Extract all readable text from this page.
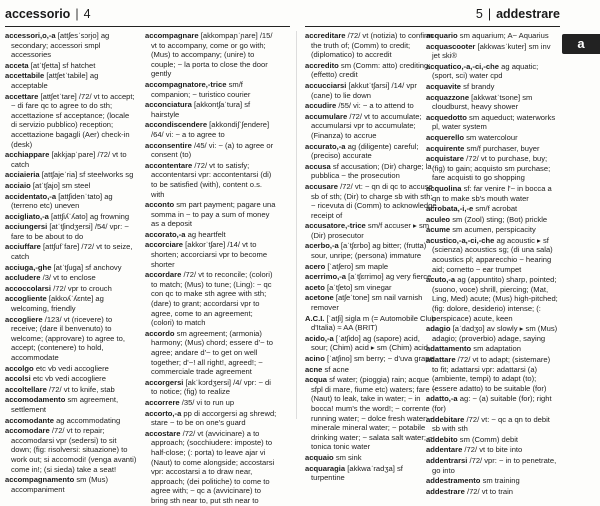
accessorio | 4	5 | addestrare
a

accessori,o,-a [attʃesˈsɔrjo] ag secondary; accessori smpl accessories

acceta [atˈtʃetta] sf hatchet

accettabile [attʃetˈtabile] ag acceptable

accettare [attʃetˈtare] /72/ vt to accept; ~ di fare qc to agree to do sth; accettazione sf acceptance; (locale di servizio pubblico) reception; accettazione bagagli (Aer) check-in (desk)

acchiappare [akkjapˈpare] /72/ vt to catch

acciaieria [attʃajeˈria] sf steelworks sg

acciaio [atˈtʃajo] sm steel

accidentato,-a [attʃidenˈtato] ag (terreno etc) uneven

accigliato,-a [attʃiʎˈʎato] ag frowning

acciungersi [atˈtʃindʒersi] /54/ vpr: ~ fare to be about to do

acciuffare [attʃufˈfare] /72/ vt to seize, catch

acciuga,-ghe [atˈtʃuga] sf anchovy

accludere /3/ vt to enclose

accoccolarsi /72/ vpr to crouch

accogliente [akkoʎˈʎɛnte] ag welcoming, friendly

accogliere /123/ vt (ricevere) to receive; (dare il benvenuto) to welcome; (approvare) to agree to, accept; (contenere) to hold, accommodate

accolgo etc vb vedi accogliere

accolsi etc vb vedi accogliere

accoltellare /72/ vt to knife, stab

accomodamento sm agreement, settlement

accomodante ag accommodating

accomodare /72/ vt to repair; accomodarsi vpr (sedersi) to sit down; (fig: risolversi: situazione) to work out; si accomodi! (venga avanti) come in!; (si sieda) take a seat!

accompagnamento sm (Mus) accompaniment

accompagnare [akkompaɲˈɲare] /15/ vt to accompany, come or go with; (Mus) to accompany; (unire) to couple; ~ la porta to close the door gently

accompagnatore,-trice sm/f companion; ~ turistico courier

acconciatura [akkontʃaˈtura] sf hairstyle

accondiscendere [akkondiʃˈʃendere] /64/ vi: ~ a to agree to

acconsentire /45/ vi: ~ (a) to agree or consent (to)

accontentare /72/ vt to satisfy; accontentarsi vpr: accontentarsi (di) to be satisfied (with), content o.s. with

acconto sm part payment; pagare una somma in ~ to pay a sum of money as a deposit

accorato,-a ag heartfelt

accorciare [akkorˈtʃare] /14/ vt to shorten; accorciarsi vpr to become shorter

accordare /72/ vt to reconcile; (colori) to match; (Mus) to tune; (Ling): ~ qc con qc to make sth agree with sth; (dare) to grant; accordarsi vpr to agree, come to an agreement; (colori) to match

accordo sm agreement; (armonia) harmony; (Mus) chord; essere d'~ to agree; andare d'~ to get on well together; d'~! all right!, agreed!; ~ commerciale trade agreement

accorgersi [akˈkɔrdʒersi] /4/ vpr: ~ di to notice; (fig) to realize

accorrere /35/ vi to run up

accorto,-a pp di accorgersi ag shrewd; stare ~ to be on one's guard

accostare /72/ vt (avvicinare) a to approach; (socchiudere: imposte) to half-close; (: porta) to leave ajar vi (Naut) to come alongside; accostarsi vpr: accostarsi a to draw near, approach; (dei politiche) to come to agree with; ~ qc a (avvicinare) to bring sth near to, put sth near to

accreditare /72/ vt (notizia) to confirm the truth of; (Comm) to credit; (diplomatico) to accredit

accredito sm (Comm: atto) crediting; (effetto) credit

accucciarsi [akkutˈtʃarsi] /14/ vpr (cane) to lie down

accudire /55/ vi: ~ a to attend to

accumulare /72/ vt to accumulate; accumularsi vpr to accumulate; (Finanza) to accrue

accurato,-a ag (diligente) careful; (preciso) accurate

accusa sf accusation; (Dir) charge; la pubblica ~ the prosecution

accusare /72/ vt: ~ qn di qc to accuse sb of sth; (Dir) to charge sb with sth; ~ ricevuta di (Comm) to acknowledge receipt of

accusatore,-trice sm/f accuser ▸ sm (Dir) prosecutor

acerbo,-a [aˈtʃɛrbo] ag bitter; (frutta) sour, unripe; (persona) immature

acero [ˈatʃero] sm maple

acerrimo,-a [aˈtʃɛrrimo] ag very fierce

aceto [aˈtʃeto] sm vinegar

acetone [atʃeˈtone] sm nail varnish remover

A.C.I. [ˈatʃi] sigla m (= Automobile Club d'Italia) ≈ AA (BRIT)

acido,-a [ˈatʃido] ag (sapore) acid, sour; (Chim) acid ▸ sm (Chim) acid

acino [ˈatʃino] sm berry; ~ d'uva grape

acne sf acne

acqua sf water; (pioggia) rain; acque sfpl di mare, fiume etc) waters; fare ~ (Naut) to leak, take in water; ~ in bocca! mum's the word!; ~ corrente running water; ~ dolce fresh water; ~ minerale mineral water; ~ potabile drinking water; ~ salata salt water; ~ tonica tonic water

acquaio sm sink

acquaragia [akkwaˈradʒa] sf turpentine

acquario sm aquarium; A~ Aquarius

acquascooter [akkwasˈkuter] sm inv jet ski®

acquatico,-a,-ci,-che ag aquatic; (sport, sci) water cpd

acquavite sf brandy

acquazzone [akkwatˈtsone] sm cloudburst, heavy shower

acquedotto sm aqueduct; waterworks pl, water system

acquerello sm watercolour

acquirente sm/f purchaser, buyer

acquistare /72/ vt to purchase, buy; (fig) to gain; acquisto sm purchase; fare acquisti to go shopping

acquolina sf: far venire l'~ in bocca a qn to make sb's mouth water

acrobata,-i,-e sm/f acrobat

aculeo sm (Zool) sting; (Bot) prickle

acume sm acumen, perspicacity

acustico,-a,-ci,-che ag acoustic ▸ sf (scienza) acoustics sg; (di una sala) acoustics pl; apparecchio ~ hearing aid; cornetto ~ ear trumpet

acuto,-a ag (appuntito) sharp, pointed; (suono, voce) shrill, piercing; (Mat, Ling, Med) acute; (Mus) high-pitched; (fig: dolore, desiderio) intense; (: perspicace) acute, keen

adagio [aˈdadʒo] av slowly ▸ sm (Mus) adagio; (proverbio) adage, saying

adattamento sm adaptation

adattare /72/ vt to adapt; (sistemare) to fit; adattarsi vpr: adattarsi (a) (ambiente, tempi) to adapt (to); (essere adatto) to be suitable (for)

adatto,-a ag: ~ (a) suitable (for); right (for)

addebitare /72/ vt: ~ qc a qn to debit sb with sth

addebito sm (Comm) debit

addentare /72/ vt to bite into

addentrarsi /72/ vpr: ~ in to penetrate, go into

addestramento sm training

addestrare /72/ vt to train
